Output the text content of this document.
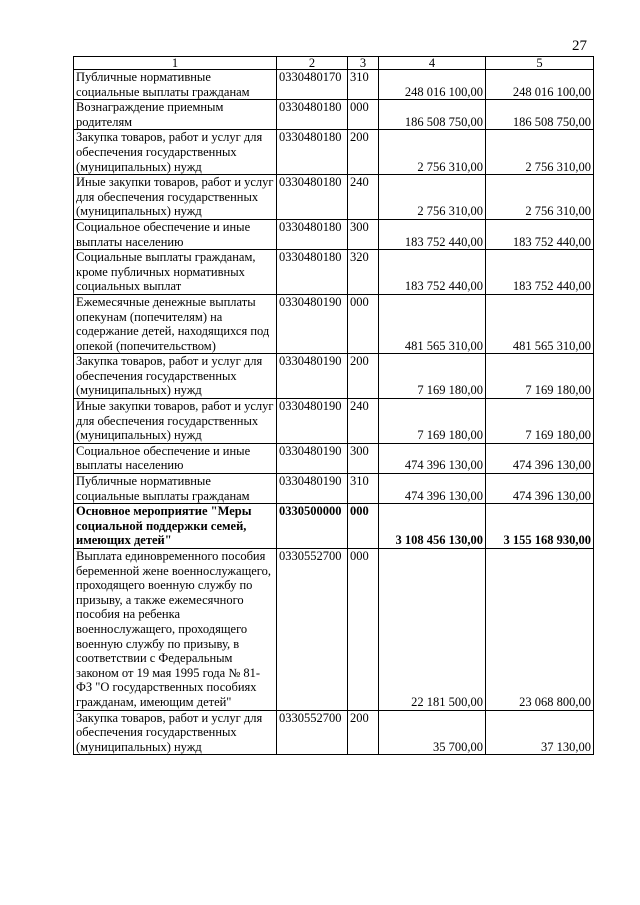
27
1	2	3	4	5
Публичные нормативные социальные выплаты гражданам	0330480170	310	248 016 100,00	248 016 100,00
Вознаграждение приемным родителям	0330480180	000	186 508 750,00	186 508 750,00
Закупка товаров, работ и услуг для обеспечения государственных (муниципальных) нужд	0330480180	200	2 756 310,00	2 756 310,00
Иные закупки товаров, работ и услуг для обеспечения государственных (муниципальных) нужд	0330480180	240	2 756 310,00	2 756 310,00
Социальное обеспечение и иные выплаты населению	0330480180	300	183 752 440,00	183 752 440,00
Социальные выплаты гражданам, кроме публичных нормативных социальных выплат	0330480180	320	183 752 440,00	183 752 440,00
Ежемесячные денежные выплаты опекунам (попечителям) на содержание детей, находящихся под опекой (попечительством)	0330480190	000	481 565 310,00	481 565 310,00
Закупка товаров, работ и услуг для обеспечения государственных (муниципальных) нужд	0330480190	200	7 169 180,00	7 169 180,00
Иные закупки товаров, работ и услуг для обеспечения государственных (муниципальных) нужд	0330480190	240	7 169 180,00	7 169 180,00
Социальное обеспечение и иные выплаты населению	0330480190	300	474 396 130,00	474 396 130,00
Публичные нормативные социальные выплаты гражданам	0330480190	310	474 396 130,00	474 396 130,00
Основное мероприятие "Меры социальной поддержки семей, имеющих детей"	0330500000	000	3 108 456 130,00	3 155 168 930,00
Выплата единовременного пособия беременной жене военнослужащего, проходящего военную службу по призыву, а также ежемесячного пособия на ребенка военнослужащего, проходящего военную службу по призыву, в соответствии с Федеральным законом от 19 мая 1995 года № 81-ФЗ "О государственных пособиях гражданам, имеющим детей"	0330552700	000	22 181 500,00	23 068 800,00
Закупка товаров, работ и услуг для обеспечения государственных (муниципальных) нужд	0330552700	200	35 700,00	37 130,00
